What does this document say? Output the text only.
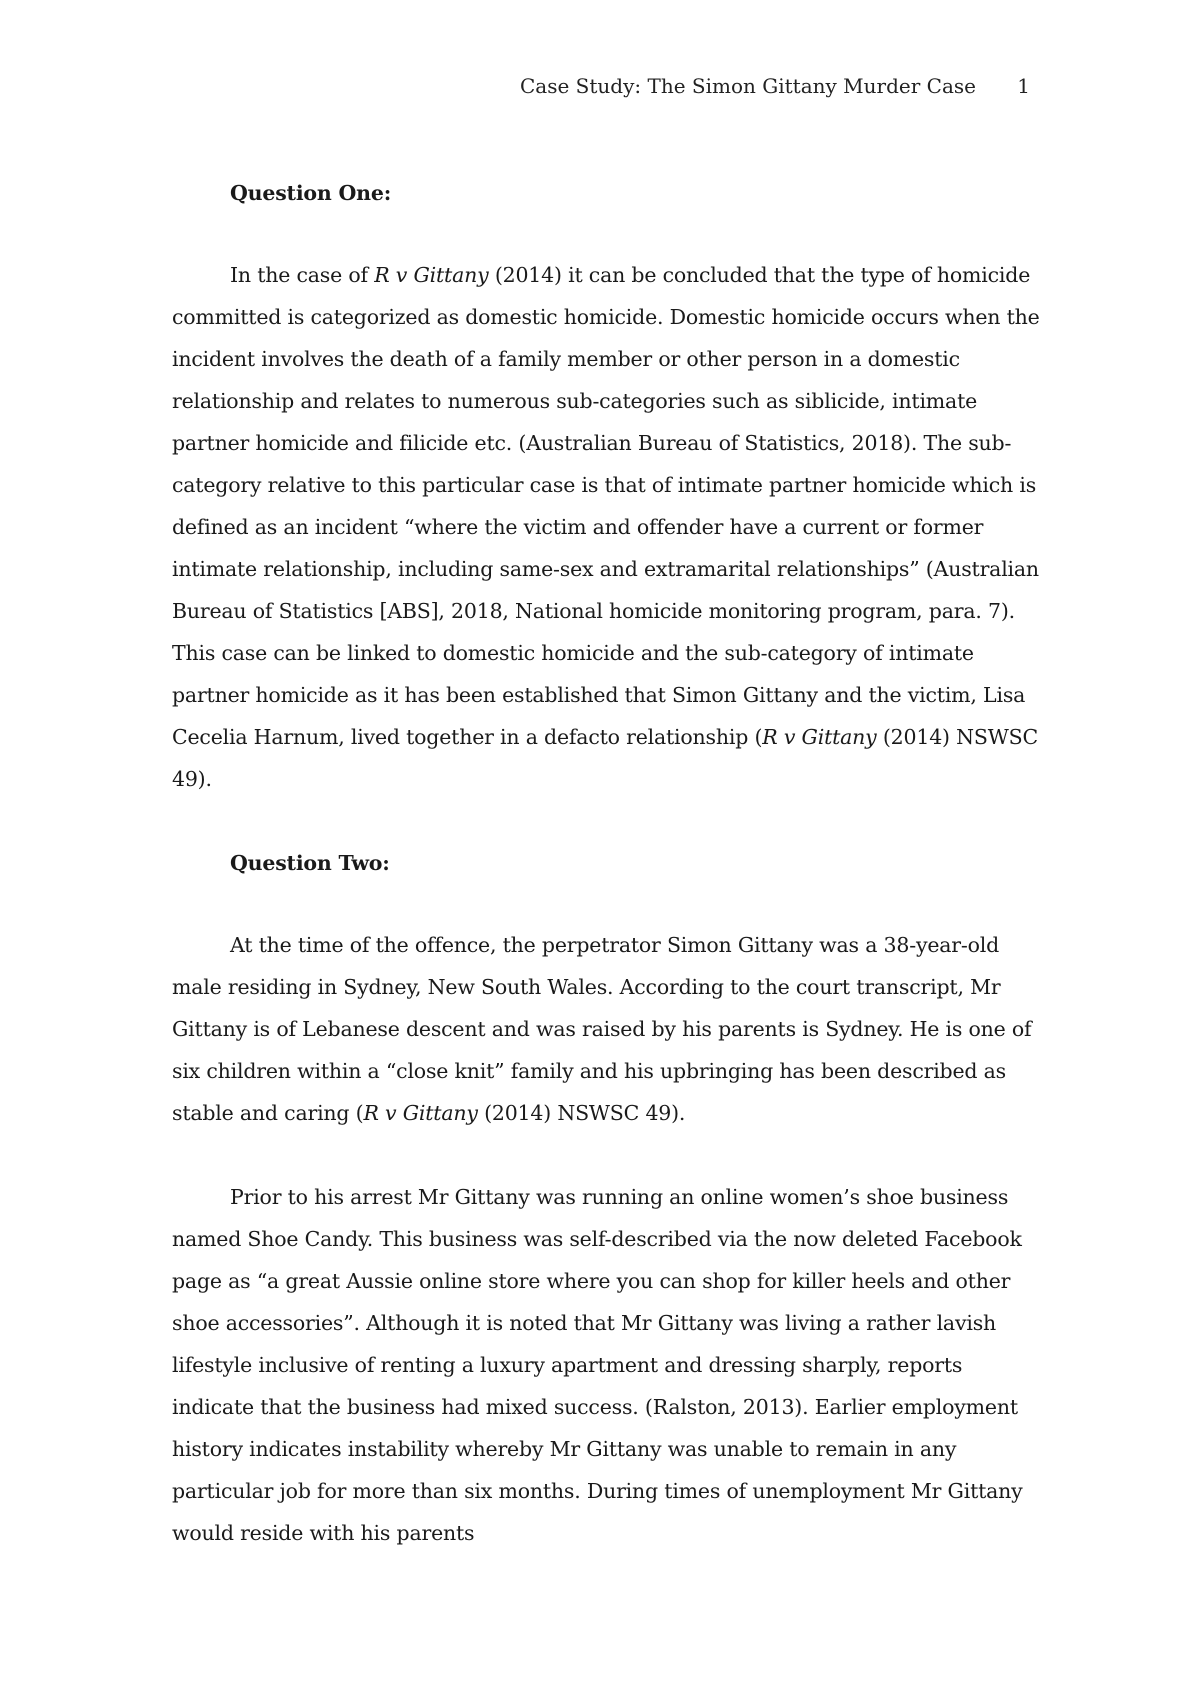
Case Study: The Simon Gittany Murder Case 1
Question One:

In the case of R v Gittany (2014) it can be concluded that the type of homicide committed is categorized as domestic homicide. Domestic homicide occurs when the incident involves the death of a family member or other person in a domestic relationship and relates to numerous sub-categories such as siblicide, intimate partner homicide and filicide etc. (Australian Bureau of Statistics, 2018). The sub-category relative to this particular case is that of intimate partner homicide which is defined as an incident “where the victim and offender have a current or former intimate relationship, including same-sex and extramarital relationships” (Australian Bureau of Statistics [ABS], 2018, National homicide monitoring program, para. 7). This case can be linked to domestic homicide and the sub-category of intimate partner homicide as it has been established that Simon Gittany and the victim, Lisa Cecelia Harnum, lived together in a defacto relationship (R v Gittany (2014) NSWSC 49).

Question Two:

At the time of the offence, the perpetrator Simon Gittany was a 38-year-old male residing in Sydney, New South Wales. According to the court transcript, Mr Gittany is of Lebanese descent and was raised by his parents is Sydney. He is one of six children within a “close knit” family and his upbringing has been described as stable and caring (R v Gittany (2014) NSWSC 49).

Prior to his arrest Mr Gittany was running an online women’s shoe business named Shoe Candy. This business was self-described via the now deleted Facebook page as “a great Aussie online store where you can shop for killer heels and other shoe accessories”. Although it is noted that Mr Gittany was living a rather lavish lifestyle inclusive of renting a luxury apartment and dressing sharply, reports indicate that the business had mixed success. (Ralston, 2013). Earlier employment history indicates instability whereby Mr Gittany was unable to remain in any particular job for more than six months. During times of unemployment Mr Gittany would reside with his parents
